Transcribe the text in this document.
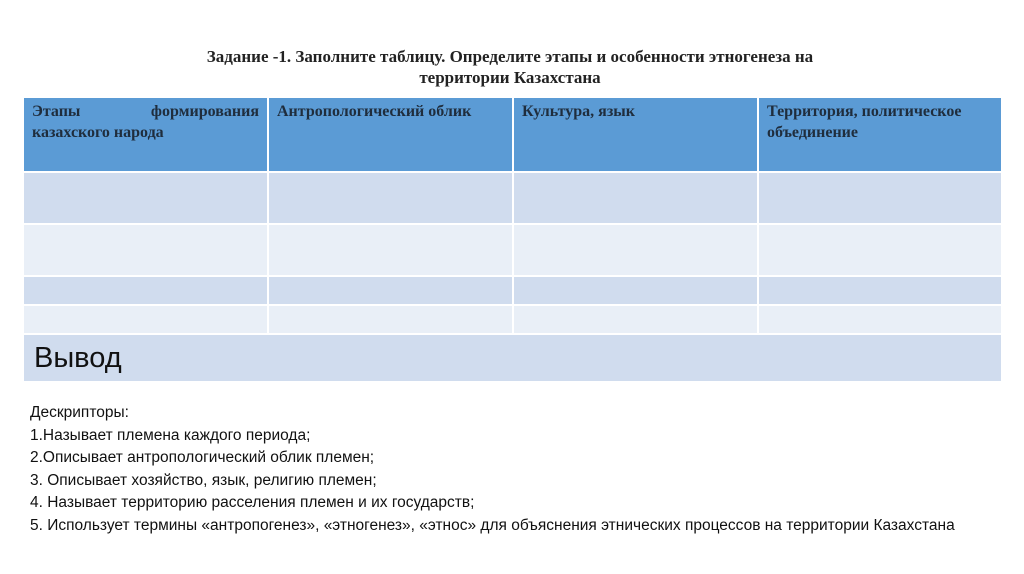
Задание -1. Заполните таблицу. Определите этапы и особенности этногенеза на
территории Казахстана
Этапы формирования казахского народа	Антропологический облик	Культура, язык	Территория, политическое объединение

Вывод			
Дескрипторы:
1.Называет племена каждого периода;
2.Описывает антропологический облик племен;
3. Описывает хозяйство, язык, религию племен;
4. Называет территорию расселения племен и их государств;
5. Использует термины «антропогенез», «этногенез», «этнос» для объяснения этнических процессов на территории Казахстана
